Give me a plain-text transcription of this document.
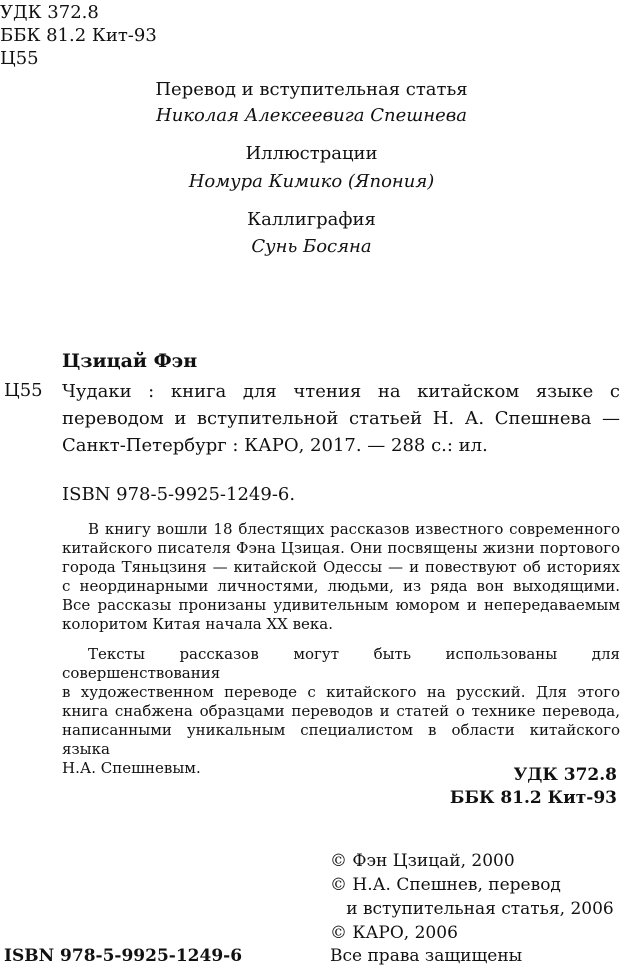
УДК 372.8
ББК 81.2 Кит-93
Ц55
Перевод и вступительная статья
Николая Алексеевига Спешнева
Иллюстрации
Номура Кимико (Япония)
Каллиграфия
Сунь Босяна
Цзицай Фэн
Ц55 Чудаки : книга для чтения на китайском языке с
переводом и вступительной статьей Н. А. Спешнева —
Санкт-Петербург : КАРО, 2017. — 288 с.: ил.
ISBN 978-5-9925-1249-6.
В книгу вошли 18 блестящих рассказов известного современного
китайского писателя Фэна Цзицая. Они посвящены жизни портового
города Тяньцзиня — китайской Одессы — и повествуют об историях
с неординарными личностями, людьми, из ряда вон выходящими.
Все рассказы пронизаны удивительным юмором и непередаваемым
колоритом Китая начала XX века.
Тексты рассказов могут быть использованы для совершенствования
в художественном переводе с китайского на русский. Для этого
книга снабжена образцами переводов и статей о технике перевода,
написанными уникальным специалистом в области китайского языка
Н.А. Спешневым.	УДК 372.8
ББК 81.2 Кит-93
© Фэн Цзицай, 2000
© Н.А. Спешнев, перевод
и вступительная статья, 2006
© КАРО, 2006
ISBN 978-5-9925-1249-6	Все права защищены
